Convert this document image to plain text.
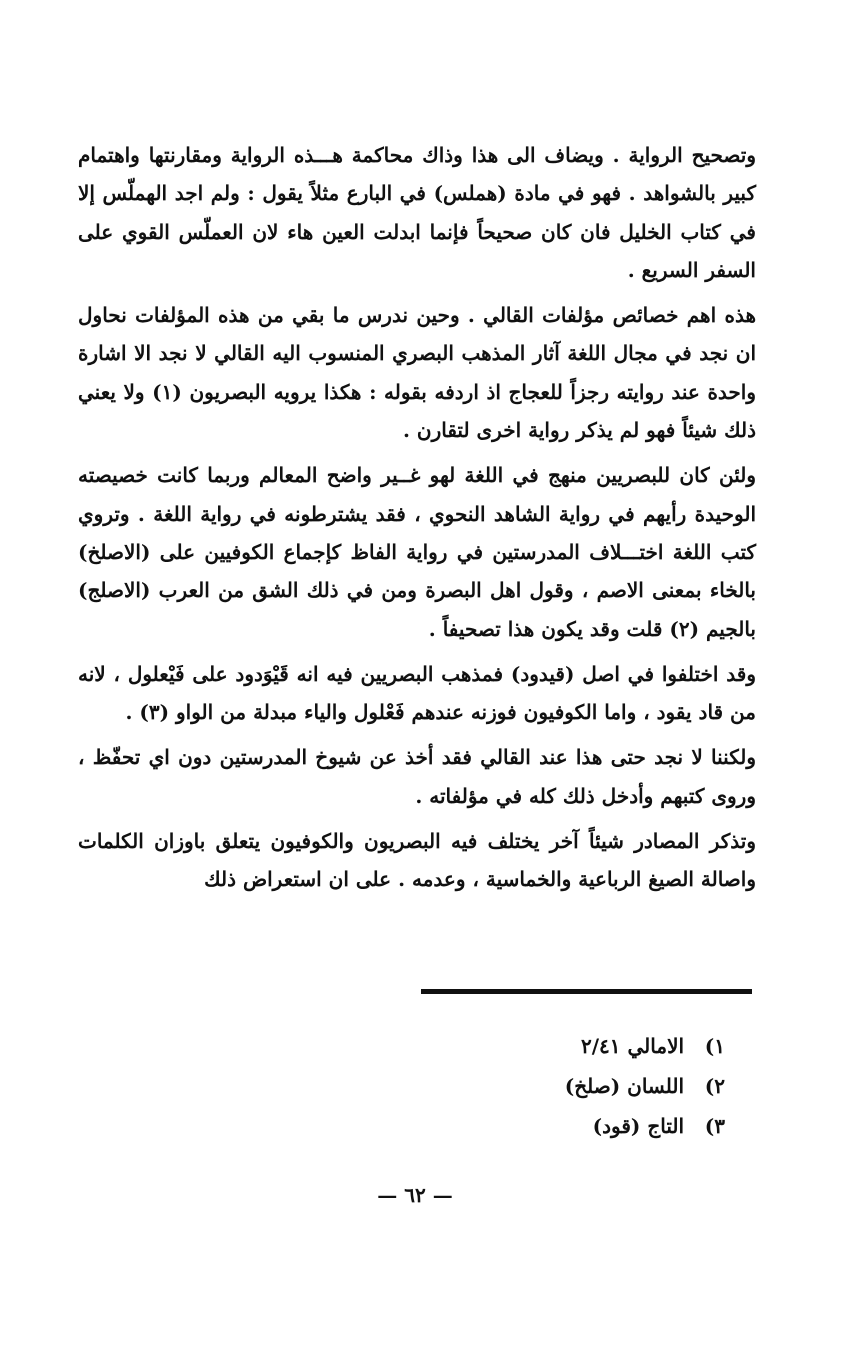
وتصحيح الرواية . ويضاف الى هذا وذاك محاكمة هـــذه الرواية ومقارنتها واهتمام كبير بالشواهد . فهو في مادة (هملس) في البارع مثلاً يقول : ولم اجد الهملّس إلا في كتاب الخليل فان كان صحيحاً فإنما ابدلت العين هاء لان العملّس القوي على السفر السريع .

هذه اهم خصائص مؤلفات القالي . وحين ندرس ما بقي من هذه المؤلفات نحاول ان نجد في مجال اللغة آثار المذهب البصري المنسوب اليه القالي لا نجد الا اشارة واحدة عند روايته رجزاً للعجاج اذ اردفه بقوله : هكذا يرويه البصريون (١) ولا يعني ذلك شيئاً فهو لم يذكر رواية اخرى لتقارن .

ولئن كان للبصريين منهج في اللغة لهو غــير واضح المعالم وربما كانت خصيصته الوحيدة رأيهم في رواية الشاهد النحوي ، فقد يشترطونه في رواية اللغة . وتروي كتب اللغة اختـــلاف المدرستين في رواية الفاظ كإجماع الكوفيين على (الاصلخ) بالخاء بمعنى الاصم ، وقول اهل البصرة ومن في ذلك الشق من العرب (الاصلج) بالجيم (٢) قلت وقد يكون هذا تصحيفاً .

وقد اختلفوا في اصل (قيدود) فمذهب البصريين فيه انه قَيْوَدود على فَيْعلول ، لانه من قاد يقود ، واما الكوفيون فوزنه عندهم فَعْلول والياء مبدلة من الواو (٣) .

ولكننا لا نجد حتى هذا عند القالي فقد أخذ عن شيوخ المدرستين دون اي تحفّظ ، وروى كتبهم وأدخل ذلك كله في مؤلفاته .

وتذكر المصادر شيئاً آخر يختلف فيه البصريون والكوفيون يتعلق باوزان الكلمات واصالة الصيغ الرباعية والخماسية ، وعدمه . على ان استعراض ذلك

١) الامالي ٢/٤١
٢) اللسان (صلخ)
٣) التاج (قود)
— ٦٢ —
